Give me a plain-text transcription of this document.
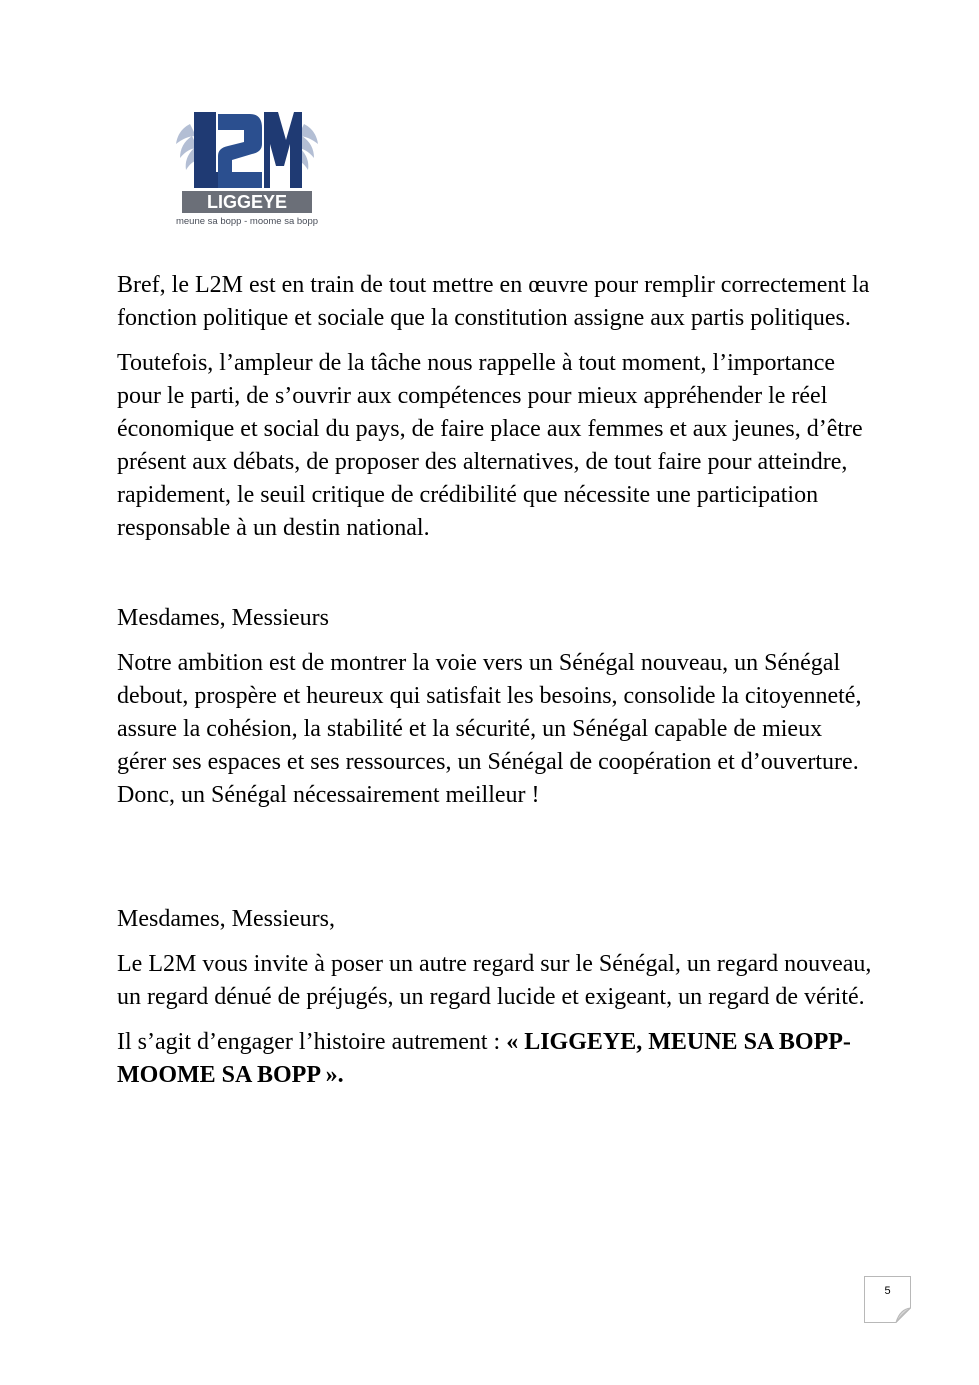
LIGGEYE
meune sa bopp - moome sa bopp

Bref, le L2M est en train de tout mettre en œuvre pour remplir correctement la fonction politique et sociale que la constitution assigne aux partis politiques.

Toutefois, l’ampleur de la tâche nous rappelle à tout moment, l’importance pour le parti, de s’ouvrir aux compétences pour mieux appréhender le réel économique et social du pays, de faire place aux femmes et aux jeunes, d’être présent aux débats, de proposer des alternatives, de tout faire pour atteindre, rapidement, le seuil critique de crédibilité que nécessite une participation responsable à un destin national.

Mesdames, Messieurs

Notre ambition est de montrer la voie vers un Sénégal nouveau, un Sénégal debout, prospère et heureux qui satisfait les besoins, consolide la citoyenneté, assure la cohésion, la stabilité et la sécurité, un Sénégal capable de mieux gérer ses espaces et ses ressources, un Sénégal de coopération et d’ouverture. Donc, un Sénégal nécessairement meilleur !

Mesdames, Messieurs,

Le L2M vous invite à poser un autre regard sur le Sénégal, un regard nouveau, un regard dénué de préjugés, un regard lucide et exigeant, un regard de vérité.

Il s’agit d’engager l’histoire autrement : « LIGGEYE, MEUNE SA BOPP-MOOME SA BOPP ».

5
